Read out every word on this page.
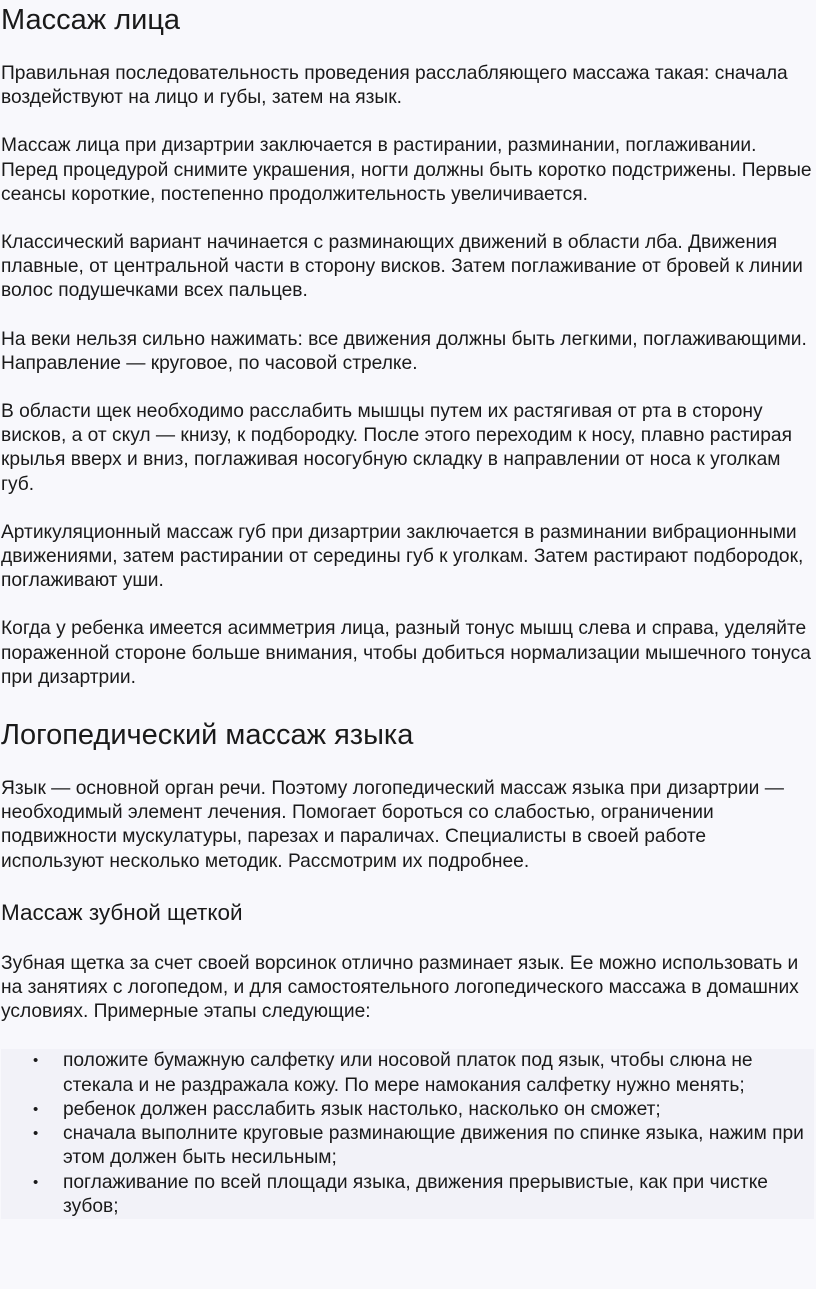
Массаж лица

Правильная последовательность проведения расслабляющего массажа такая: сначала воздействуют на лицо и губы, затем на язык.

Массаж лица при дизартрии заключается в растирании, разминании, поглаживании. Перед процедурой снимите украшения, ногти должны быть коротко подстрижены. Первые сеансы короткие, постепенно продолжительность увеличивается.

Классический вариант начинается с разминающих движений в области лба. Движения плавные, от центральной части в сторону висков. Затем поглаживание от бровей к линии волос подушечками всех пальцев.

На веки нельзя сильно нажимать: все движения должны быть легкими, поглаживающими. Направление — круговое, по часовой стрелке.

В области щек необходимо расслабить мышцы путем их растягивая от рта в сторону висков, а от скул — книзу, к подбородку. После этого переходим к носу, плавно растирая крылья вверх и вниз, поглаживая носогубную складку в направлении от носа к уголкам губ.

Артикуляционный массаж губ при дизартрии заключается в разминании вибрационными движениями, затем растирании от середины губ к уголкам. Затем растирают подбородок, поглаживают уши.

Когда у ребенка имеется асимметрия лица, разный тонус мышц слева и справа, уделяйте пораженной стороне больше внимания, чтобы добиться нормализации мышечного тонуса при дизартрии.

Логопедический массаж языка

Язык — основной орган речи. Поэтому логопедический массаж языка при дизартрии — необходимый элемент лечения. Помогает бороться со слабостью, ограничении подвижности мускулатуры, парезах и параличах. Специалисты в своей работе используют несколько методик. Рассмотрим их подробнее.

Массаж зубной щеткой

Зубная щетка за счет своей ворсинок отлично разминает язык. Ее можно использовать и на занятиях с логопедом, и для самостоятельного логопедического массажа в домашних условиях. Примерные этапы следующие:

• положите бумажную салфетку или носовой платок под язык, чтобы слюна не стекала и не раздражала кожу. По мере намокания салфетку нужно менять;
• ребенок должен расслабить язык настолько, насколько он сможет;
• сначала выполните круговые разминающие движения по спинке языка, нажим при этом должен быть несильным;
• поглаживание по всей площади языка, движения прерывистые, как при чистке зубов;
